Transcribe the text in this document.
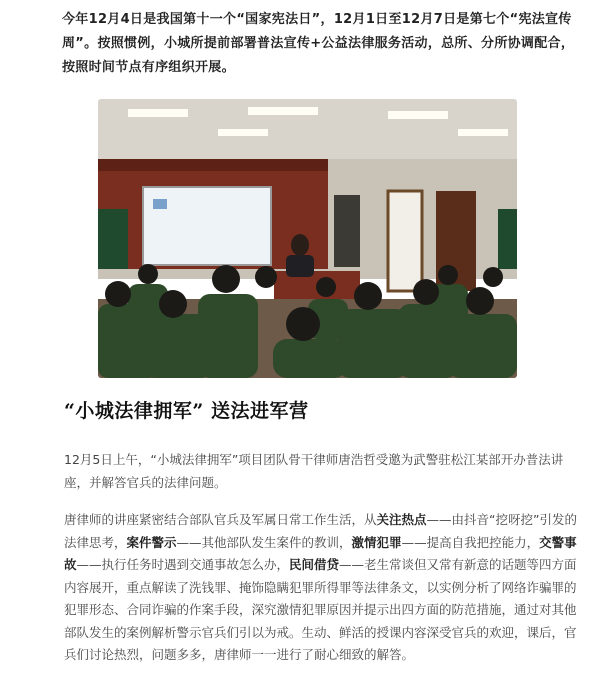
今年12月4日是我国第十一个“国家宪法日”，12月1日至12月7日是第七个“宪法宣传周”。按照惯例，小城所提前部署普法宣传+公益法律服务活动，总所、分所协调配合，按照时间节点有序组织开展。
“小城法律拥军” 送法进军营
12月5日上午，“小城法律拥军”项目团队骨干律师唐浩哲受邀为武警驻松江某部开办普法讲座，并解答官兵的法律问题。
唐律师的讲座紧密结合部队官兵及军属日常工作生活，从关注热点——由抖音“挖呀挖”引发的法律思考，案件警示——其他部队发生案件的教训，激情犯罪——提高自我把控能力，交警事故——执行任务时遇到交通事故怎么办，民间借贷——老生常谈但又常有新意的话题等四方面内容展开，重点解读了洗钱罪、掩饰隐瞒犯罪所得罪等法律条文，以实例分析了网络诈骗罪的犯罪形态、合同诈骗的作案手段，深究激情犯罪原因并提示出四方面的防范措施，通过对其他部队发生的案例解析警示官兵们引以为戒。生动、鲜活的授课内容深受官兵的欢迎，课后，官兵们讨论热烈，问题多多，唐律师一一进行了耐心细致的解答。
